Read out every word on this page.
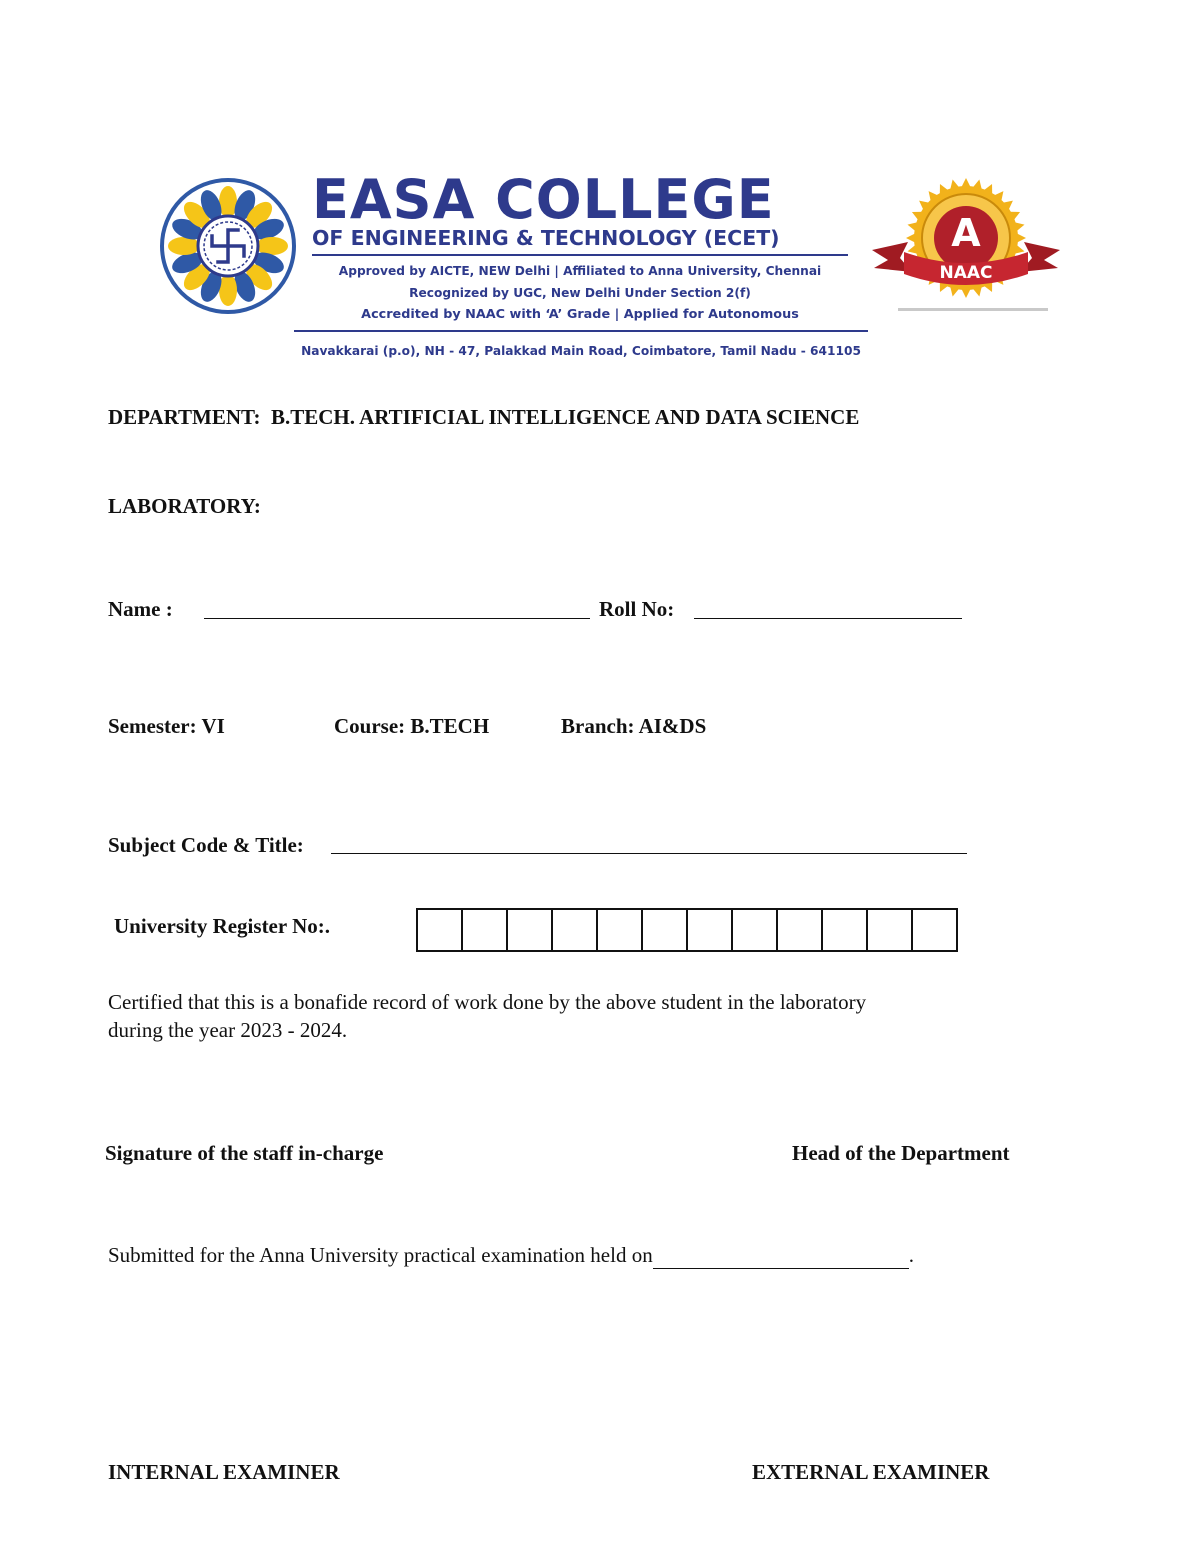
EASA COLLEGE
OF ENGINEERING & TECHNOLOGY (ECET)
Approved by AICTE, NEW Delhi | Affiliated to Anna University, Chennai
Recognized by UGC, New Delhi Under Section 2(f)
Accredited by NAAC with ‘A’ Grade | Applied for Autonomous
Navakkarai (p.o), NH - 47, Palakkad Main Road, Coimbatore, Tamil Nadu - 641105
A
NAAC
DEPARTMENT:  B.TECH. ARTIFICIAL INTELLIGENCE AND DATA SCIENCE
LABORATORY:
Name :	Roll No:
Semester: VI	Course: B.TECH	Branch: AI&DS
Subject Code & Title:
University Register No:.
Certified that this is a bonafide record of work done by the above student in the laboratory
during the year 2023 - 2024.
Signature of the staff in-charge	Head of the Department
Submitted for the Anna University practical examination held on	.
INTERNAL EXAMINER	EXTERNAL EXAMINER
